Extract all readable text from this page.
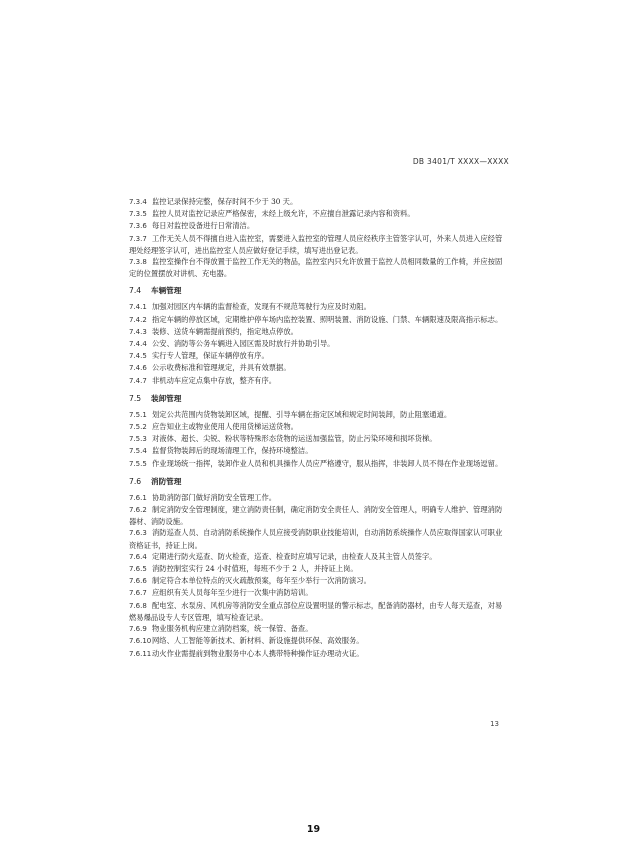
DB 3401/T XXXX—XXXX

7.3.4 监控记录保持完整，保存时间不少于 30 天。

7.3.5 监控人员对监控记录应严格保密，未经上级允许，不应擅自泄露记录内容和资料。

7.3.6 每日对监控设备进行日常清洁。

7.3.7 工作无关人员不得擅自进入监控室，需要进入监控室的管理人员应经秩序主管签字认可，外来人员进入应经管理处经理签字认可，进出监控室人员应做好登记手续，填写进出登记表。

7.3.8 监控室操作台不得放置于监控工作无关的物品，监控室内只允许放置于监控人员相同数量的工作椅，并应按固定的位置摆放对讲机、充电器。

7.4 车辆管理

7.4.1 加强对园区内车辆的监督检查，发现有不规范驾驶行为应及时劝阻。

7.4.2 指定车辆的停放区域，定期维护停车场内监控装置、照明装置、消防设施、门禁、车辆限速及限高指示标志。

7.4.3 装修、送货车辆需提前预约，指定地点停放。

7.4.4 公安、消防等公务车辆进入园区需及时放行并协助引导。

7.4.5 实行专人管理，保证车辆停放有序。

7.4.6 公示收费标准和管理规定，并具有效票据。

7.4.7 非机动车应定点集中存放，整齐有序。

7.5 装卸管理

7.5.1 划定公共范围内货物装卸区域，提醒、引导车辆在指定区域和规定时间装卸，防止阻塞通道。

7.5.2 应告知业主或物业使用人使用货梯运送货物。

7.5.3 对液体、超长、尖锐、粉状等特殊形态货物的运送加强监管，防止污染环境和损坏货梯。

7.5.4 监督货物装卸后的现场清理工作，保持环境整洁。

7.5.5 作业现场统一指挥，装卸作业人员和机具操作人员应严格遵守，服从指挥，非装卸人员不得在作业现场逗留。

7.6 消防管理

7.6.1 协助消防部门做好消防安全管理工作。

7.6.2 制定消防安全管理制度，建立消防责任制，确定消防安全责任人、消防安全管理人，明确专人维护、管理消防器材、消防设施。

7.6.3 消防巡查人员、自动消防系统操作人员应接受消防职业技能培训，自动消防系统操作人员应取得国家认可职业资格证书，持证上岗。

7.6.4 定期进行防火巡查、防火检查，巡查、检查时应填写记录，由检查人及其主管人员签字。

7.6.5 消防控制室实行 24 小时值班，每班不少于 2 人，并持证上岗。

7.6.6 制定符合本单位特点的灭火疏散预案，每年至少举行一次消防演习。

7.6.7 应组织有关人员每年至少进行一次集中消防培训。

7.6.8 配电室、水泵房、风机房等消防安全重点部位应设置明显的警示标志，配备消防器材，由专人每天巡查，对易燃易爆品设专人专区管理，填写检查记录。

7.6.9 物业服务机构应建立消防档案，统一保管、备查。

7.6.10网络、人工智能等新技术、新材料、新设施提供环保、高效服务。

7.6.11动火作业需提前到物业服务中心本人携带特种操作证办理动火证。

13
19
